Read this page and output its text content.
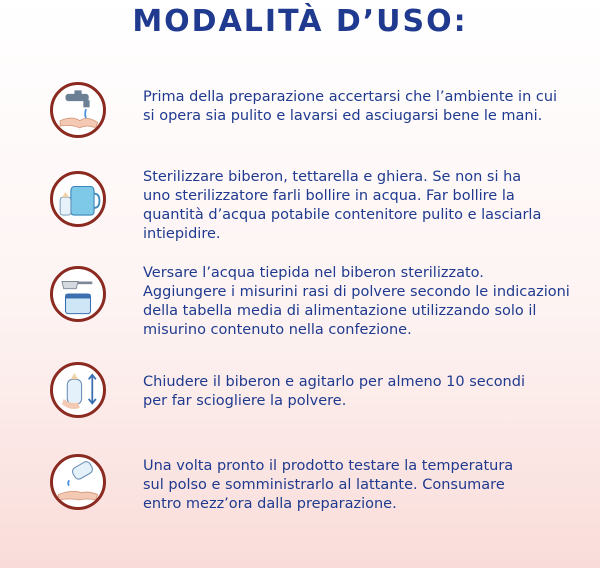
MODALITÀ D’USO:
Prima della preparazione accertarsi che l’ambiente in cui
si opera sia pulito e lavarsi ed asciugarsi bene le mani.
Sterilizzare biberon, tettarella e ghiera. Se non si ha
uno sterilizzatore farli bollire in acqua. Far bollire la
quantità d’acqua potabile contenitore pulito e lasciarla
intiepidire.
Versare l’acqua tiepida nel biberon sterilizzato.
Aggiungere i misurini rasi di polvere secondo le indicazioni
della tabella media di alimentazione utilizzando solo il
misurino contenuto nella confezione.
Chiudere il biberon e agitarlo per almeno 10 secondi
per far sciogliere la polvere.
Una volta pronto il prodotto testare la temperatura
sul polso e somministrarlo al lattante. Consumare
entro mezz’ora dalla preparazione.
